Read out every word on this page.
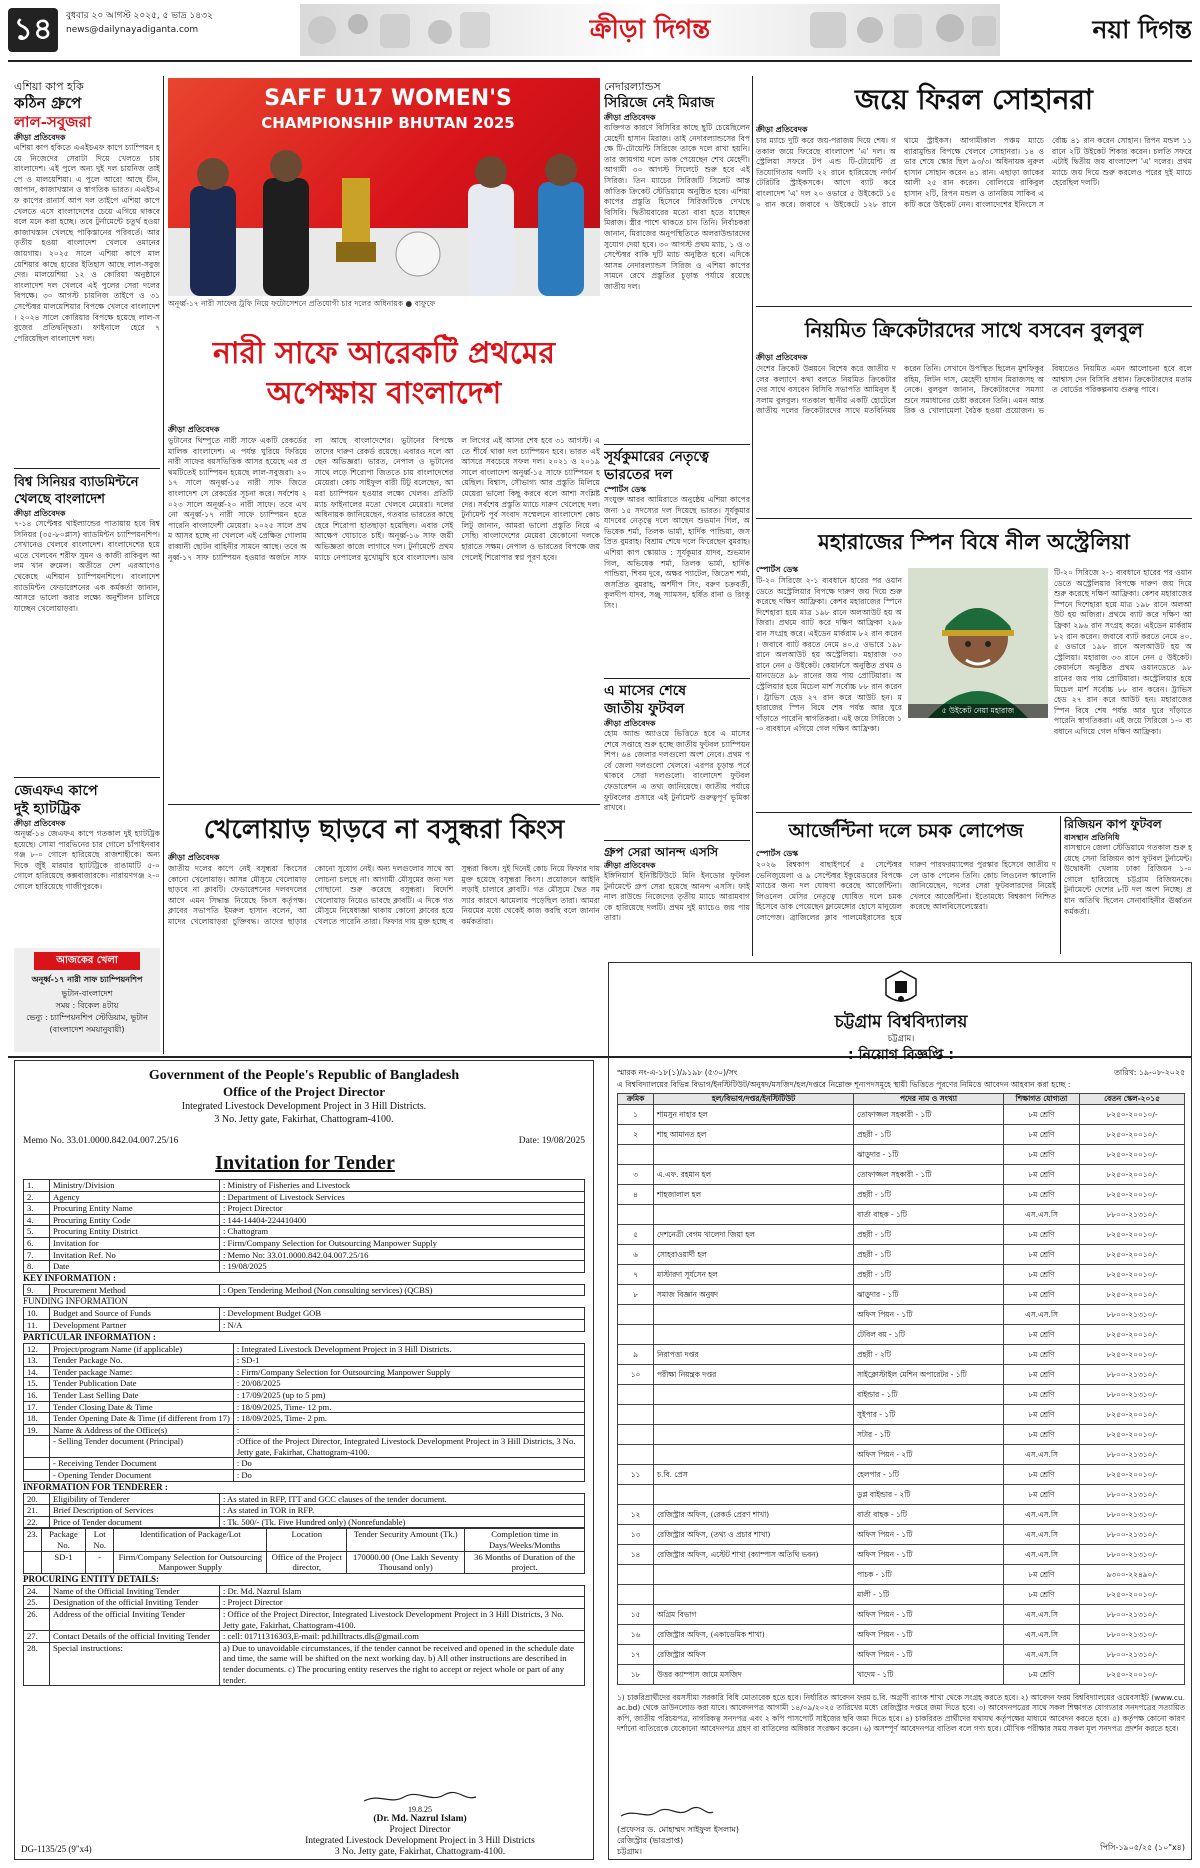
১৪	বুধবার ২০ আগস্ট ২০২৫, ৫ ভাদ্র ১৪৩২
news@dailynayadiganta.com	ক্রীড়া দিগন্ত	নয়া দিগন্ত
এশিয়া কাপ হকি
কঠিন গ্রুপে
লাল-সবুজরা
ক্রীড়া প্রতিবেদক
এশিয়া কাপ হকিতে এএইচএফ কাপে চ্যাম্পিয়ন হয়ে নিজেদের সেরাটা দিয়ে খেলতে চায় বাংলাদেশ। এই পুলে অন্য দুই দল চায়নিজ তাইপে ও মালয়েশিয়া। এ পুলে আরো আছে চীন, জাপান, কাজাখস্তান ও স্বাগতিক ভারত। এএইচএফ কাপের রানার্স আপ দল তাইপে এশিয়া কাপে খেলতে এসে বাংলাদেশের চেয়ে এগিয়ে থাকবে বলে মনে করা হচ্ছে। তবে টুর্নামেন্টে চতুর্থ হওয়া কাজাখস্তান খেলছে পাকিস্তানের পরিবর্তে। আর তৃতীয় হওয়া বাংলাদেশ খেলবে ওমানের জায়গায়। ২০২৫ সালে এশিয়া কাপে মালয়েশিয়ার কাছে হারের ইতিহাস আছে লাল-সবুজদের। মালয়েশিয়া ১২ ও কোরিয়া অনুষ্ঠানে বাংলাদেশ দল খেলবে এই পুলের সেরা দলের বিপক্ষে। ৩০ আগস্ট চায়নিজ তাইপে ও ৩১ সেপ্টেম্বর মালয়েশিয়ার বিপক্ষে খেলবে বাংলাদেশ। ২০২৪ সালে কোরিয়ার বিপক্ষে হয়েছে লাল-সবুজের প্রতিদ্বন্দ্বিতা। ফাইনালে হেরে ৭ পেরিয়েছিল বাংলাদেশ দল।
বিশ্ব সিনিয়র ব্যাডমিন্টনে
খেলছে বাংলাদেশ
ক্রীড়া প্রতিবেদক
৭-১৪ সেপ্টেম্বর থাইল্যান্ডের পাতায়ায় হবে বিশ্ব সিনিয়র (৩৫-৮০প্লাস) ব্যাডমিন্টন চ্যাম্পিয়নশিপ। সেখানেও খেলবে বাংলাদেশ। বাংলাদেশের হয়ে এতে খেলবেন শরীফ সুমন ও কাজী রাকিবুল আলম খান রুমেল। অতীতে দেশ এরআগেও থেকেছে এশিয়ান চ্যাম্পিয়নশিপে। বাংলাদেশ ব্যাডমিন্টন ফেডারেশনের এক কর্মকর্তা জানান, আসরে ভালো করার লক্ষ্যে অনুশীলন চালিয়ে যাচ্ছেন খেলোয়াড়রা।
জেএফএ কাপে
দুই হ্যাটট্রিক
ক্রীড়া প্রতিবেদক
অনূর্ধ্ব-১৪ জেএফএ কাপে গতকাল দুই হ্যাটট্রিক হয়েছে। সোমা পারভিনের চার গোলে চাঁপাইনবাবগঞ্জ ৮-০ গোলে হারিয়েছে রাজশাহীকে। অন্য দিকে জুঁই মারমার হ্যাটট্রিকে রাঙামাটি ৫-০ গোলে হারিয়েছে কক্সবাজারকে। নারায়ণগঞ্জ ২-০ গোলে হারিয়েছে গাজীপুরকে।
আজকের খেলা
অনূর্ধ্ব-১৭ নারী সাফ চ্যাম্পিয়নশিপ
ভুটান-বাংলাদেশ
সময় : বিকেল ৪টায়
ভেন্যু : চ্যাম্পিয়নশিপ স্টেডিয়াম, ভুটান (বাংলাদেশ সময়ানুযায়ী)
SAFF U17 WOMEN'S
CHAMPIONSHIP BHUTAN 2025
অনূর্ধ্ব-১৭ নারী সাফের ট্রফি নিয়ে ফটোসেশনে প্রতিযোগী চার দলের অধিনায়ক ● বাফুফে
নারী সাফে আরেকটি প্রথমের
অপেক্ষায় বাংলাদেশ
ক্রীড়া প্রতিবেদক
ভুটানের থিম্পুতে নারী সাফে একটি রেকর্ডের মালিক বাংলাদেশ। এ পর্যন্ত ঘুরিয়ে ফিরিয়ে নারী সাফের বয়সভিত্তিক আসর হয়েছে এর প্রথমটিতেই চ্যাম্পিয়ন হয়েছে লাল-সবুজরা। ২০১৭ সালে অনূর্ধ্ব-১৫ নারী সাফ জিতে বাংলাদেশ সে রেকর্ডের সূচনা করে। সর্বশেষ ২০২৩ সালে অনূর্ধ্ব-২০ নারী সাফে। তবে এখনো অনূর্ধ্ব-১৭ নারী সাফে চ্যাম্পিয়ন হতে পারেনি বাংলাদেশী মেয়েরা। ২০২৫ সালে প্রথম আসর হচ্ছে না খেললে এই প্রেক্ষিত গোলাম রাব্বানী ছোটন বাহিনীর সামনে আছে। তবে অনূর্ধ্ব-১৭ সাফ চ্যাম্পিয়ন হওয়ার অর্জনে সাফল্য আছে বাংলাদেশের। ভুটানের বিপক্ষে তাদের দারুণ রেকর্ড রয়েছে। এবারও দলে আছেন অভিজ্ঞরা। ভারত, নেপাল ও ভুটানের সাথে লড়ে শিরোপা জিততে চায় বাংলাদেশের মেয়েরা। কোচ সাইফুল বারী টিটু বলেছেন, আমরা চ্যাম্পিয়ন হওয়ার লক্ষ্যে খেলব। প্রতিটি ম্যাচ ফাইনালের মতো খেলবে মেয়েরা। দলের অধিনায়ক জানিয়েছেন, গতবার ভারতের কাছে হেরে শিরোপা হাতছাড়া হয়েছিল। এবার সেই আক্ষেপ ঘোচাতে চাই। অনূর্ধ্ব-১৬ সাফ জয়ী অভিজ্ঞতা কাজে লাগাবে দল। টুর্নামেন্টে প্রথম ম্যাচে নেপালের মুখোমুখি হবে বাংলাদেশ। ডাবল লিগের এই আসর শেষ হবে ৩১ আগস্ট। এতে শীর্ষে থাকা দল চ্যাম্পিয়ন হবে। ভারত এই আসরে সবচেয়ে সফল দল। ২০২১ ও ২০১৯ সালে বাংলাদেশ অনূর্ধ্ব-১৫ সাফে চ্যাম্পিয়ন হয়েছিল। বিশ্বাস, সৌভাগ্য আর প্রস্তুতি মিলিয়ে মেয়েরা ভালো কিছু করবে বলে আশা সংশ্লিষ্টদের। সর্বশেষ প্রস্তুতি ম্যাচে দারুণ খেলেছে দল। টুর্নামেন্ট পূর্ব সংবাদ সম্মেলনে বাংলাদেশ কোচ লিটু জানান, আমরা ভালো প্রস্তুতি নিয়ে এসেছি। বাংলাদেশের মেয়েরা যেকোনো দলকে হারাতে সক্ষম। নেপাল ও ভারতের বিপক্ষে জয় পেলেই শিরোপার স্বপ্ন পূরণ হবে।
নেদারল্যান্ডস
সিরিজে নেই মিরাজ
ক্রীড়া প্রতিবেদক
ব্যক্তিগত কারণে বিসিবির কাছে ছুটি চেয়েছিলেন মেহেদী হাসান মিরাজ। তাই নেদারল্যান্ডসের বিপক্ষে টি-টোয়েন্টি সিরিজে তাকে দলে রাখা হয়নি। তার জায়গায় দলে ডাক পেয়েছেন শেখ মেহেদী। আগামী ৩০ আগস্ট সিলেটে শুরু হবে এই সিরিজ। তিন ম্যাচের সিরিজটি সিলেট আন্তর্জাতিক ক্রিকেট স্টেডিয়ামে অনুষ্ঠিত হবে। এশিয়া কাপের প্রস্তুতি হিসেবে সিরিজটিকে দেখছে বিসিবি। দ্বিতীয়বারের মতো বাবা হতে যাচ্ছেন মিরাজ। স্ত্রীর পাশে থাকতে চান তিনি। নির্বাচকরা জানান, মিরাজের অনুপস্থিতিতে অলরাউন্ডারদের সুযোগ দেয়া হবে। ৩০ আগস্ট প্রথম ম্যাচ, ১ ও ৩ সেপ্টেম্বর বাকি দুটি ম্যাচ অনুষ্ঠিত হবে। এদিকে আসন্ন নেদারল্যান্ডস সিরিজ ও এশিয়া কাপের সামনে রেখে প্রস্তুতির চূড়ান্ত পর্যায়ে রয়েছে জাতীয় দল।
সূর্যকুমারের নেতৃত্বে
ভারতের দল
স্পোর্টস ডেস্ক
সংযুক্ত আরব আমিরাতে অনুষ্ঠেয় এশিয়া কাপের জন্য ১৫ সদস্যের দল দিয়েছে ভারত। সূর্যকুমার যাদবের নেতৃত্বে দলে আছেন শুভমান গিল, অভিষেক শর্মা, তিলক ভার্মা, হার্দিক পান্ডিয়া, জসপ্রিত বুমরাহ। বিশ্রাম শেষে দলে ফিরেছেন বুমরাহ। এশিয়া কাপ স্কোয়াড : সূর্যকুমার যাদব, শুভমান গিল, অভিষেক শর্মা, তিলক ভার্মা, হার্দিক পান্ডিয়া, শিবম দুবে, অক্ষর প্যাটেল, জিতেশ শর্মা, জসপ্রিত বুমরাহ, অর্শদীপ সিং, বরুণ চক্রবর্তী, কুলদীপ যাদব, সঞ্জু স্যামসন, হর্ষিত রানা ও রিংকু সিং।
এ মাসের শেষে
জাতীয় ফুটবল
ক্রীড়া প্রতিবেদক
হোম অ্যান্ড অ্যাওয়ে ভিত্তিতে হবে এ মাসের শেষে সপ্তাহে শুরু হচ্ছে জাতীয় ফুটবল চ্যাম্পিয়নশিপ। ৬৪ জেলার দলগুলো অংশ নেবে। প্রথম পর্বে জেলা দলগুলো খেলবে। এরপর চূড়ান্ত পর্বে থাকবে সেরা দলগুলো। বাংলাদেশ ফুটবল ফেডারেশন এ তথ্য জানিয়েছে। জাতীয় পর্যায়ে ফুটবলের প্রসারে এই টুর্নামেন্ট গুরুত্বপূর্ণ ভূমিকা রাখবে।
গ্রুপ সেরা আনন্দ এসসি
ক্রীড়া প্রতিবেদক
ইঙ্গিনিয়ার্স ইনিষ্টিটিউটে মিনি ইনডোর ফুটবল টুর্নামেন্টে গ্রুপ সেরা হয়েছে আনন্দ এসসি। ফাইনাল রাউন্ডে নিজেদের তৃতীয় ম্যাচে আরামবাগকে হারিয়েছে দলটি। প্রথম দুই ম্যাচেও জয় পায় তারা।
জয়ে ফিরল সোহানরা
ক্রীড়া প্রতিবেদক
চার ম্যাচে দুটি করে জয়-পরাজয় দিয়ে শেষ। গতকাল জয়ে ফিরেছে বাংলাদেশ 'এ' দল। অস্ট্রেলিয়া সফরে টপ এন্ড টি-টোয়েন্টি প্রতিযোগিতায় দলটি ২২ রানে হারিয়েছে নর্দার্ন টেরিটরি স্ট্রাইকসকে। আগে ব্যাট করে বাংলাদেশ 'এ' দল ২০ ওভারে ৫ উইকেটে ১৫০ রান করে। জবাবে ৭ উইকেটে ১২৮ রানে থামে স্ট্রাইকস। আগামীকাল পঞ্চম ম্যাচে ব্যারামুন্ডির বিপক্ষে খেলবে সোহানরা। ১৪ ওভার শেষে স্কোর ছিল ৯৩/৩। অধিনায়ক নুরুল হাসান সোহান করেন ৪১ রান। এছাড়া জাকের আলী ২৫ রান করেন। বোলিংয়ে রাকিবুল হাসান ২টি, রিপন মন্ডল ও তানজিম সাকিব একটি করে উইকেট নেন। বাংলাদেশের ইনিংসে সর্বোচ্চ ৪১ রান করেন সোহান। রিপন মন্ডল ১১ রানে ২টি উইকেট শিকার করেন। চলতি সফরে এটাই দ্বিতীয় জয় বাংলাদেশ 'এ' দলের। প্রথম ম্যাচে জয় দিয়ে শুরু করলেও পরের দুই ম্যাচে হেরেছিল দলটি।
নিয়মিত ক্রিকেটারদের সাথে বসবেন বুলবুল
ক্রীড়া প্রতিবেদক
দেশের ক্রিকেট উন্নয়নে বিশেষ করে জাতীয় দলের কল্যাণে কথা বলতে নিয়মিত ক্রিকেটারদের সাথে বসবেন বিসিবি সভাপতি আমিনুল ইসলাম বুলবুল। গতকাল স্থানীয় একটি হোটেলে জাতীয় দলের ক্রিকেটারদের সাথে মতবিনিময় করেন তিনি। সেখানে উপস্থিত ছিলেন মুশফিকুর রহিম, লিটন দাস, মেহেদী হাসান মিরাজসহ অনেকে। বুলবুল জানান, ক্রিকেটারদের সমস্যা শুনে সমাধানের চেষ্টা করবেন তিনি। এমন আন্তরিক ও খোলামেলা বৈঠক হওয়া প্রয়োজন। ভবিষ্যতেও নিয়মিত এমন আলোচনা হবে বলে আশ্বাস দেন বিসিবি প্রধান। ক্রিকেটারদের মতামত বোর্ডের পরিকল্পনায় গুরুত্ব পাবে।
মহারাজের স্পিন বিষে নীল অস্ট্রেলিয়া
স্পোর্টস ডেস্ক
টি-২০ সিরিজে ২-১ ব্যবধানে হারের পর ওয়ানডেতে অস্ট্রেলিয়ার বিপক্ষে দারুণ জয় দিয়ে শুরু করেছে দক্ষিণ আফ্রিকা। কেশব মহারাজের স্পিনে দিশেহারা হয়ে মাত্র ১৯৮ রানে অলআউট হয় অজিরা। প্রথমে ব্যাট করে দক্ষিণ আফ্রিকা ২৯৬ রান সংগ্রহ করে। এইডেন মার্করাম ৮২ রান করেন। জবাবে ব্যাট করতে নেমে ৪০.৫ ওভারে ১৯৮ রানে অলআউট হয় অস্ট্রেলিয়া। মহারাজ ৩৩ রানে নেন ৫ উইকেট। কেয়ার্নসে অনুষ্ঠিত প্রথম ওয়ানডেতে ৯৮ রানের জয় পায় প্রোটিয়ারা। অস্ট্রেলিয়ার হয়ে মিচেল মার্শ সর্বোচ্চ ৮৮ রান করেন। ট্রাভিস হেড ২৭ রান করে আউট হন। মহারাজের স্পিন বিষে শেষ পর্যন্ত আর ঘুরে দাঁড়াতে পারেনি স্বাগতিকরা। এই জয়ে সিরিজে ১-০ ব্যবধানে এগিয়ে গেল দক্ষিণ আফ্রিকা।
৫ উইকেট নেয়া মহারাজ
টি-২০ সিরিজে ২-১ ব্যবধানে হারের পর ওয়ানডেতে অস্ট্রেলিয়ার বিপক্ষে দারুণ জয় দিয়ে শুরু করেছে দক্ষিণ আফ্রিকা। কেশব মহারাজের স্পিনে দিশেহারা হয়ে মাত্র ১৯৮ রানে অলআউট হয় অজিরা। প্রথমে ব্যাট করে দক্ষিণ আফ্রিকা ২৯৬ রান সংগ্রহ করে। এইডেন মার্করাম ৮২ রান করেন। জবাবে ব্যাট করতে নেমে ৪০.৫ ওভারে ১৯৮ রানে অলআউট হয় অস্ট্রেলিয়া। মহারাজ ৩৩ রানে নেন ৫ উইকেট। কেয়ার্নসে অনুষ্ঠিত প্রথম ওয়ানডেতে ৯৮ রানের জয় পায় প্রোটিয়ারা। অস্ট্রেলিয়ার হয়ে মিচেল মার্শ সর্বোচ্চ ৮৮ রান করেন। ট্রাভিস হেড ২৭ রান করে আউট হন। মহারাজের স্পিন বিষে শেষ পর্যন্ত আর ঘুরে দাঁড়াতে পারেনি স্বাগতিকরা। এই জয়ে সিরিজে ১-০ ব্যবধানে এগিয়ে গেল দক্ষিণ আফ্রিকা।
আর্জেন্টিনা দলে চমক লোপেজ
স্পোর্টস ডেস্ক
২০২৬ বিশ্বকাপ বাছাইপর্বে ৫ সেপ্টেম্বর ভেনিজুয়েলা ও ৯ সেপ্টেম্বর ইকুয়েডরের বিপক্ষে ম্যাচের জন্য দল ঘোষণা করেছে আর্জেন্টিনা। লিওনেল মেসির নেতৃত্বে ঘোষিত দলে চমক হিসেবে ডাক পেয়েছেন ফ্লামেঙ্গোর হোসে মানুয়েল লোপেজ। ব্রাজিলের ক্লাব পালমেইরাসের হয়ে দারুণ পারফরম্যান্সের পুরস্কার হিসেবে জাতীয় দলে ডাক পেলেন তিনি। কোচ লিওনেল স্কালোনি জানিয়েছেন, দলের সেরা ফুটবলারদের নিয়েই খেলবে আর্জেন্টিনা। ইতোমধ্যে বিশ্বকাপ নিশ্চিত করেছে আলবিসেলেস্তেরা।
রিজিয়ন কাপ ফুটবল
বাসস্থান প্রতিনিধি
বাসস্থানে জেলা স্টেডিয়ামে গতকাল শুরু হয়েছে সেনা রিজিয়ন কাপ ফুটবল টুর্নামেন্ট। উদ্বোধনী খেলায় ঢাকা রিজিয়ন ১-০ গোলে হারিয়েছে চট্টগ্রাম রিজিয়নকে। টুর্নামেন্টে দেশের ৮টি দল অংশ নিচ্ছে। প্রধান অতিথি ছিলেন সেনাবাহিনীর ঊর্ধ্বতন কর্মকর্তা।
খেলোয়াড় ছাড়বে না বসুন্ধরা কিংস
ক্রীড়া প্রতিবেদক
জাতীয় দলের কাপে নেই বসুন্ধরা কিংসের কোনো খেলোয়াড়। আসন্ন মৌসুমে খেলোয়াড় ছাড়বে না ক্লাবটি। ফেডারেশনের দলবদলের আগে এমন সিদ্ধান্ত নিয়েছে কিংস কর্তৃপক্ষ। ক্লাবের সভাপতি ইমরুল হাসান বলেন, আমাদের খেলোয়াড়রা চুক্তিবদ্ধ। তাদের ছাড়ার কোনো সুযোগ নেই। অন্য দলগুলোর সাথে আলোচনা চলছে না। আগামী মৌসুমের জন্য দল গোছানো শুরু করেছে বসুন্ধরা। বিদেশি খেলোয়াড় নিয়েও ভাবছে ক্লাবটি। এ দিকে গত মৌসুমে নিষেধাজ্ঞা থাকায় কোনো ক্লাবের হয়ে খেলতে পারেনি তারা। ফিফার দায় মুক্ত হচ্ছে বসুন্ধরা কিংস। দুই দিনেই কোচ নিয়ে ফিফার দায় মুক্ত হয়েছে বসুন্ধরা কিংস। প্রয়োজনে আইনি লড়াই চালাবে ক্লাবটি। গত মৌসুমে দ্বৈত সমস্যার কারণে ঝামেলায় পড়েছিল তারা। আমরা নিয়মের মধ্যে থেকেই কাজ করছি বলে জানান কর্মকর্তারা।
Government of the People's Republic of Bangladesh
Office of the Project Director
Integrated Livestock Development Project in 3 Hill Districts.
3 No. Jetty gate, Fakirhat, Chattogram-4100.
Memo No. 33.01.0000.842.04.007.25/16	Date: 19/08/2025
Invitation for Tender
1.	Ministry/Division	: Ministry of Fisheries and Livestock
2.	Agency	: Department of Livestock Services
3.	Procuring Entity Name	: Project Director
4.	Procuring Entity Code	: 144-14404-224410400
5.	Procuring Entity District	: Chattogram
6.	Invitation for	: Firm/Company Selection for Outsourcing Manpower Supply
7.	Invitation Ref. No	: Memo No: 33.01.0000.842.04.007.25/16
8.	Date	: 19/08/2025
KEY INFORMATION :
9.	Procurement Method	: Open Tendering Method (Non consulting services) (QCBS)
FUNDING INFORMATION
10.	Budget and Source of Funds	: Development Budget GOB
11.	Development Partner	: N/A
PARTICULAR INFORMATION :
12.	Project/program Name (if applicable)	: Integrated Livestock Development Project in 3 Hill Districts.
13.	Tender Package No.	: SD-1
14.	Tender package Name:	: Firm/Company Selection for Outsourcing Manpower Supply
15.	Tender Publication Date	: 20/08/2025
16.	Tender Last Selling Date	: 17/09/2025 (up to 5 pm)
17.	Tender Closing Date & Time	: 18/09/2025, Time- 12 pm.
18.	Tender Opening Date & Time (if different from 17)	: 18/09/2025, Time- 2 pm.
19.	Name & Address of the Office(s)	:
	- Selling Tender document (Principal)	:Office of the Project Director, Integrated Livestock Development Project in 3 Hill Districts, 3 No. Jetty gate, Fakirhat, Chattogram-4100.
	- Receiving Tender Document	: Do
	- Opening Tender Document	: Do
INFORMATION FOR TENDERER :
20.	Eligibility of Tenderer	: As stated in RFP, ITT and GCC clauses of the tender document.
21.	Brief Description of Services	: As stated in TOR in RFP.
22.	Price of Tender document	: Tk. 500/- (Tk. Five Hundred only) (Nonrefundable)
23.	Package No.	Lot No.	Identification of Package/Lot	Location	Tender Security Amount (Tk.)	Completion time in Days/Weeks/Months
	SD-1	-	Firm/Company Selection for Outsourcing Manpower Supply	Office of the Project director,	170000.00 (One Lakh Seventy Thousand only)	36 Months of Duration of the project.
PROCURING ENTITY DETAILS:
24.	Name of the Official Inviting Tender	: Dr. Md. Nazrul Islam
25.	Designation of the official Inviting Tender	: Project Director
26.	Address of the official Inviting Tender	: Office of the Project Director, Integrated Livestock Development Project in 3 Hill Districts, 3 No. Jetty gate, Fakirhat, Chattogram-4100.
27.	Contact Details of the official Inviting Tender	: cell: 01711316303,E-mail: pd.hilltracts.dls@gmail.com
28.	Special instructions:	a) Due to unavoidable circumstances, if the tender cannot be received and opened in the schedule date and time, the same will be shifted on the next working day. b) All other instructions are described in tender documents. c) The procuring entity reserves the right to accept or reject whole or part of any tender.
19.8.25
(Dr. Md. Nazrul Islam)
Project Director
Integrated Livestock Development Project in 3 Hill Districts
3 No. Jetty gate, Fakirhat, Chattogram-4100.
DG-1135/25 (9"x4)
চট্টগ্রাম বিশ্ববিদ্যালয়
চট্টগ্রাম।
: নিয়োগ বিজ্ঞপ্তি :
স্মারক নং-এ-১৮(১)/৯১৯৮ (৫৩০)/সং	তারিখ: ১৯-০৮-২০২৫
এ বিশ্ববিদ্যালয়ের বিভিন্ন বিভাগ/ইনস্টিটিউট/অনুষদ/মসজিদ/হল/দপ্তরে নিম্নোক্ত শূন্যপদসমূহে স্থায়ী ভিত্তিতে পূরণের নিমিত্তে আবেদন আহবান করা হচ্ছে :
ক্রমিক	হল/বিভাগ/দপ্তর/ইনস্টিটিউট	পদের নাম ও সংখ্যা	শিক্ষাগত যোগ্যতা	বেতন স্কেল-২০১৫
১	শামসুন নাহার হল	তোফাজ্জল সহকারী - ১টি	৮ম শ্রেণি	৮২৫০-২০০১০/-
২	শাহ আমানত হল	প্রহরী - ১টি	৮ম শ্রেণি	৮২৫০-২০০১০/-
		ঝাড়ুদার - ১টি	৮ম শ্রেণি	৮২৫০-২০০১০/-
৩	এ.এফ. রহমান হল	তোফাজ্জল সহকারী - ১টি	৮ম শ্রেণি	৮২৫০-২০০১০/-
৪	শাহজালাল হল	প্রহরী - ১টি	৮ম শ্রেণি	৮২৫০-২০০১০/-
		বার্তা বাহক - ১টি	এস.এস.সি	৮৮০০-২১৩১০/-
৫	দেশনেত্রী বেগম খালেদা জিয়া হল	প্রহরী - ১টি	৮ম শ্রেণি	৮২৫০-২০০১০/-
৬	সোহরাওয়ার্দী হল	প্রহরী - ১টি	৮ম শ্রেণি	৮২৫০-২০০১০/-
৭	মাস্টারদা সূর্যসেন হল	প্রহরী - ১টি	৮ম শ্রেণি	৮২৫০-২০০১০/-
৮	সমাজ বিজ্ঞান অনুষদ	ঝাড়ুদার - ১টি	৮ম শ্রেণি	৮২৫০-২০০১০/-
		অফিস পিয়ন - ১টি	এস.এস.সি	৮৮০০-২১৩১০/-
		টেবিল বয় - ১টি	৮ম শ্রেণি	৮২৫০-২০০১০/-
৯	নিরাপত্তা দপ্তর	প্রহরী - ২টি	৮ম শ্রেণি	৮২৫০-২০০১০/-
১০	পরীক্ষা নিয়ন্ত্রক দপ্তর	সাইক্লোস্টাইল মেশিন অপারেটর - ১টি	৮ম শ্রেণি	৮৮০০-২১৩১০/-
		বাইন্ডার - ১টি	৮ম শ্রেণি	৮৮০০-২১৩১০/-
		সুইপার - ১টি	৮ম শ্রেণি	৮২৫০-২০০১০/-
		সটার - ১টি	৮ম শ্রেণি	৮২৫০-২০০১০/-
		অফিস পিয়ন - ২টি	এস.এস.সি	৮৮০০-২১৩১০/-
১১	চ.বি. প্রেস	হেলপার - ১টি	৮ম শ্রেণি	৮২৫০-২০০১০/-
		ডুপ্ল বাইন্ডার - ২টি	৮ম শ্রেণি	৮৮০০-২১৩১০/-
১২	রেজিস্ট্রার অফিস, (রেকর্ড প্রেরণ শাখা)	বার্তা বাহক - ১টি	এস.এস.সি	৮৮০০-২১৩১০/-
১৩	রেজিস্ট্রার অফিস, (তথ্য ও প্রচার শাখা)	অফিস পিয়ন - ১টি	এস.এস.সি	৮৮০০-২১৩১০/-
১৪	রেজিস্ট্রার অফিস, এস্টেট শাখা (ক্যাম্পাস অতিথি ভবন)	অফিস পিয়ন - ১টি	এস.এস.সি	৮৮০০-২১৩১০/-
		পাচক - ১টি	৮ম শ্রেণি	৯৩০০-২২৪৯০/-
		মালী - ১টি	৮ম শ্রেণি	৮২৫০-২০০১০/-
১৫	অগ্রিম বিভাগ	অফিস পিয়ন - ১টি	এস.এস.সি	৮৮০০-২১৩১০/-
১৬	রেজিস্ট্রার অফিস, (একাডেমিক শাখা)	অফিস পিয়ন - ১টি	এস.এস.সি	৮৮০০-২১৩১০/-
১৭	রেজিস্ট্রার অফিস	অফিস পিয়ন - ১টি	এস.এস.সি	৮৮০০-২১৩১০/-
১৮	উত্তর ক্যাম্পাস জামে মসজিদ	খাদেম - ১টি	৮ম শ্রেণি	৮২৫০-২০০১০/-
১) চাকরিপ্রার্থীদের বয়সসীমা সরকারি বিধি মোতাবেক হতে হবে। নির্ধারিত আবেদন ফরম চ.বি. অগ্রণী ব্যাংক শাখা থেকে সংগ্রহ করতে হবে। ২) আবেদন ফরম বিশ্ববিদ্যালয়ের ওয়েবসাইট (www.cu.ac.bd) থেকে ডাউনলোড করা যাবে। আবেদনপত্র আগামী ১৪/০৯/২০২৫ তারিখের মধ্যে রেজিস্ট্রার দপ্তরে জমা দিতে হবে। ৩) আবেদনপত্রের সাথে সকল শিক্ষাগত যোগ্যতার সনদপত্রের সত্যায়িত কপি, জাতীয় পরিচয়পত্র, নাগরিকত্ব সনদপত্র এবং ২ কপি পাসপোর্ট সাইজের ছবি জমা দিতে হবে। ৪) চাকরিরত প্রার্থীদের যথাযথ কর্তৃপক্ষের মাধ্যমে আবেদন করতে হবে। ৫) কর্তৃপক্ষ কোনো কারণ দর্শানো ব্যতিরেকে যেকোনো আবেদনপত্র গ্রহণ বা বাতিলের অধিকার সংরক্ষণ করেন। ৬) অসম্পূর্ণ আবেদনপত্র বাতিল বলে গণ্য হবে। মৌখিক পরীক্ষার সময় সকল মূল সনদপত্র প্রদর্শন করতে হবে।
(প্রফেসর ড. মোহাম্মদ সাইফুল ইসলাম)
রেজিস্ট্রার (ভারপ্রাপ্ত)
চট্টগ্রাম।	পিসি-১৯০৫/২৫ (১০"x৪)
